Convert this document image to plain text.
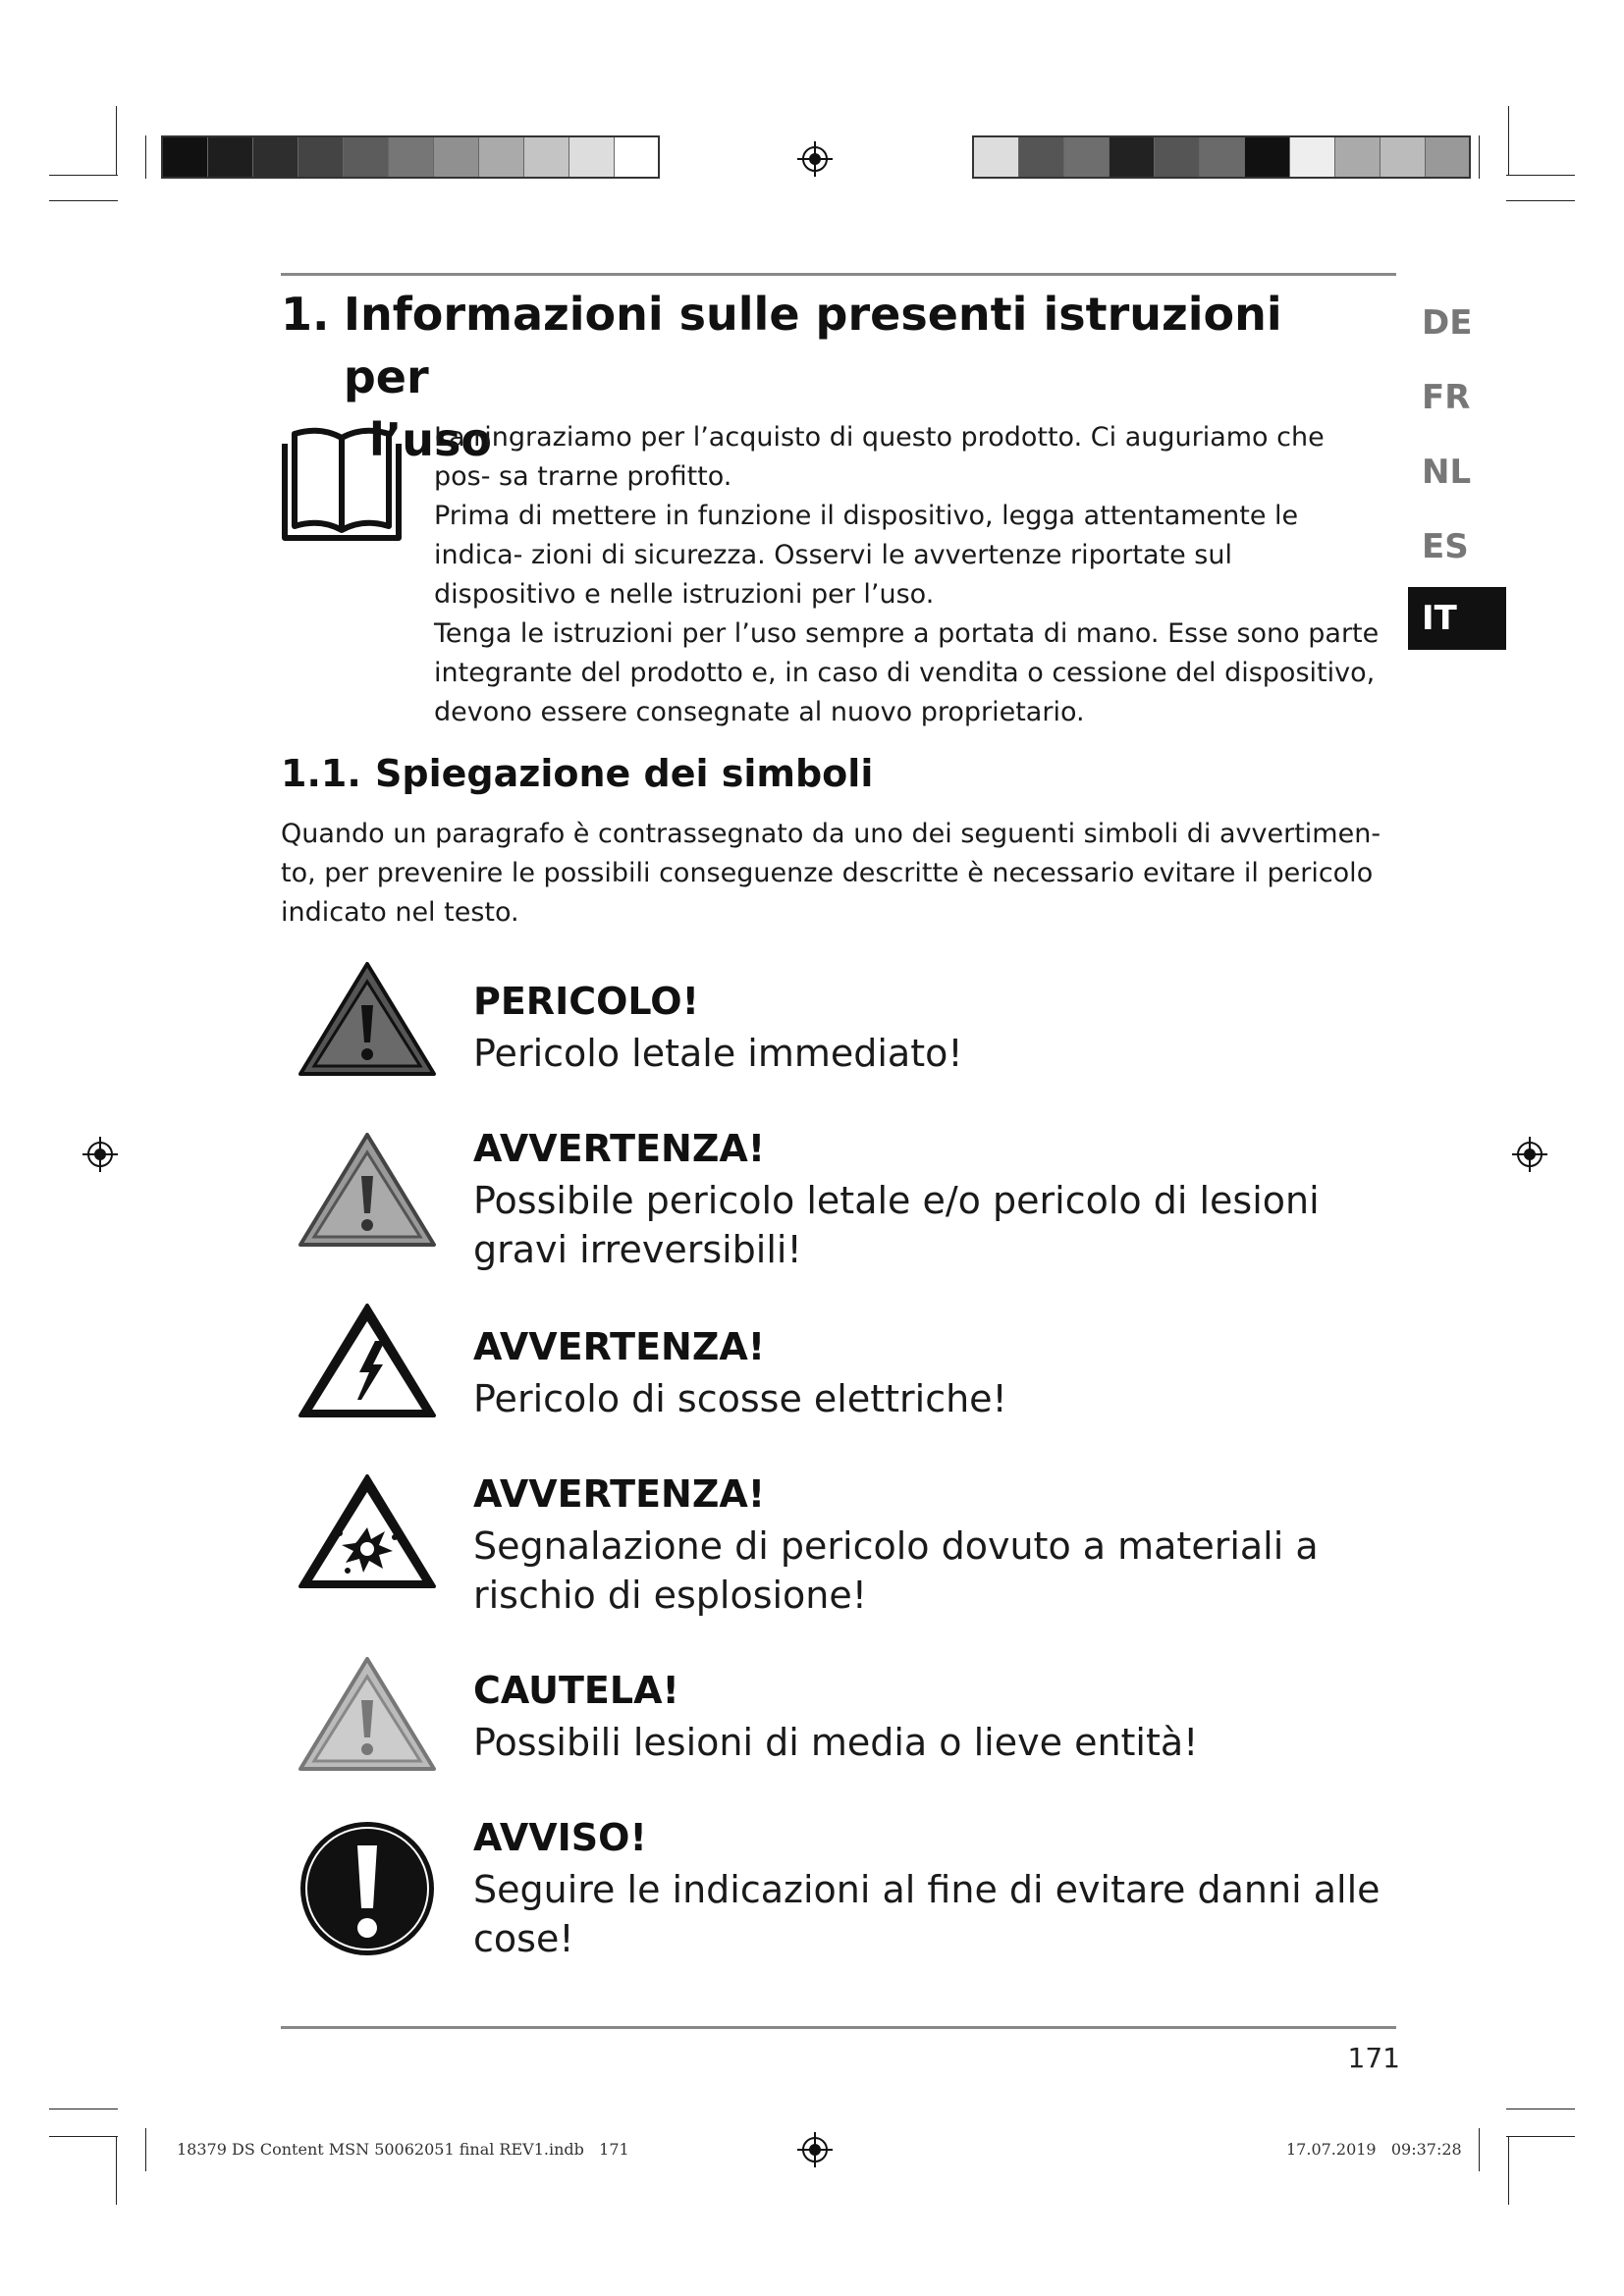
1. Informazioni sulle presenti istruzioni per
l’uso

La ringraziamo per l’acquisto di questo prodotto. Ci auguriamo che pos- sa trarne profitto.

Prima di mettere in funzione il dispositivo, legga attentamente le indica- zioni di sicurezza. Osservi le avvertenze riportate sul dispositivo e nelle istruzioni per l’uso.

Tenga le istruzioni per l’uso sempre a portata di mano. Esse sono parte integrante del prodotto e, in caso di vendita o cessione del dispositivo, devono essere consegnate al nuovo proprietario.

1.1. Spiegazione dei simboli
Quando un paragrafo è contrassegnato da uno dei seguenti simboli di avvertimen- to, per prevenire le possibili conseguenze descritte è necessario evitare il pericolo indicato nel testo.
PERICOLO!
Pericolo letale immediato!
AVVERTENZA!
Possibile pericolo letale e/o pericolo di lesioni gravi irreversibili!
AVVERTENZA!
Pericolo di scosse elettriche!
AVVERTENZA!
Segnalazione di pericolo dovuto a materiali a rischio di esplosione!
CAUTELA!
Possibili lesioni di media o lieve entità!
AVVISO!
Seguire le indicazioni al fine di evitare danni alle cose!
DE
FR
NL
ES
IT
171
18379 DS Content MSN 50062051 final REV1.indb   171	17.07.2019   09:37:28
